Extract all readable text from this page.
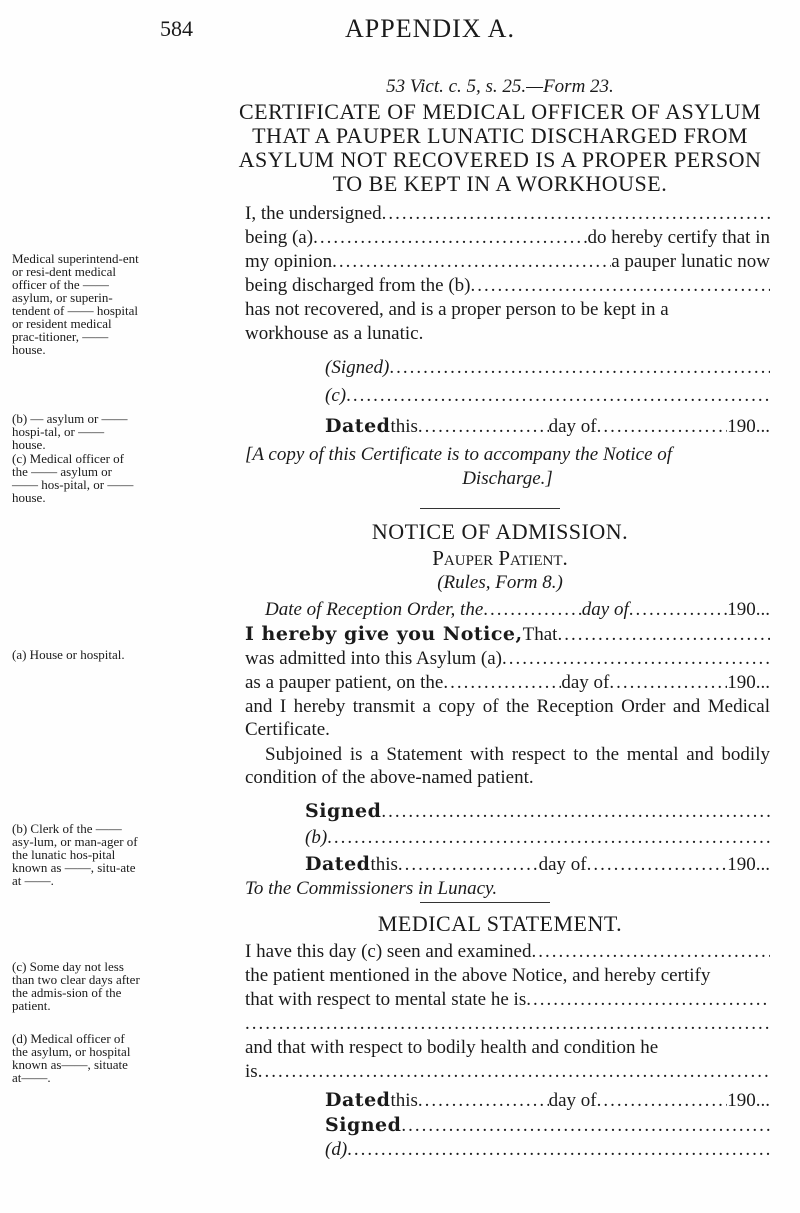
584	APPENDIX A.
53 Vict. c. 5, s. 25.—Form 23.
CERTIFICATE OF MEDICAL OFFICER OF ASYLUM
THAT A PAUPER LUNATIC DISCHARGED FROM
ASYLUM NOT RECOVERED IS A PROPER PERSON
TO BE KEPT IN A WORKHOUSE.
I, the undersigned
.....
being (a) .....	do hereby certify that in
my opinion .....	a pauper lunatic now
being discharged from the (b)
.....
has not recovered, and is a proper person to be kept in a
workhouse as a lunatic.
(Signed)
.....
(c)
.....
Dated this .....	day of .....	190...
[A copy of this Certificate is to accompany the Notice of
Discharge.]
NOTICE OF ADMISSION.
Pauper Patient.
(Rules, Form 8.)
Date of Reception Order, the .....	day of .....	190...
I hereby give you Notice, That
.....
was admitted into this Asylum (a)
.....
as a pauper patient, on the .....	day of .....	190...
and I hereby transmit a copy of the Reception Order and Medical Certificate.
Subjoined is a Statement with respect to the mental and bodily condition of the above-named patient.
Signed
.....
(b)
.....
Dated this .....	day of .....	190...
To the Commissioners in Lunacy.
MEDICAL STATEMENT.
I have this day (c) seen and examined
.....
the patient mentioned in the above Notice, and hereby certify
that with respect to mental state he is
.....
.....
and that with respect to bodily health and condition he
is
.....
Dated this .....	day of .....	190...
Signed
.....
(d)
.....
Medical superintend-ent or resi-dent medical officer of the —— asylum, or superin-tendent of —— hospital or resident medical prac-titioner, —— house.
(b) — asylum or —— hospi-tal, or —— house.
(c) Medical officer of the —— asylum or —— hos-pital, or —— house.
(a) House or hospital.
(b) Clerk of the —— asy-lum, or man-ager of the lunatic hos-pital known as ——, situ-ate at ——.
(c) Some day not less than two clear days after the admis-sion of the patient.
(d) Medical officer of the asylum, or hospital known as——, situate at——.
